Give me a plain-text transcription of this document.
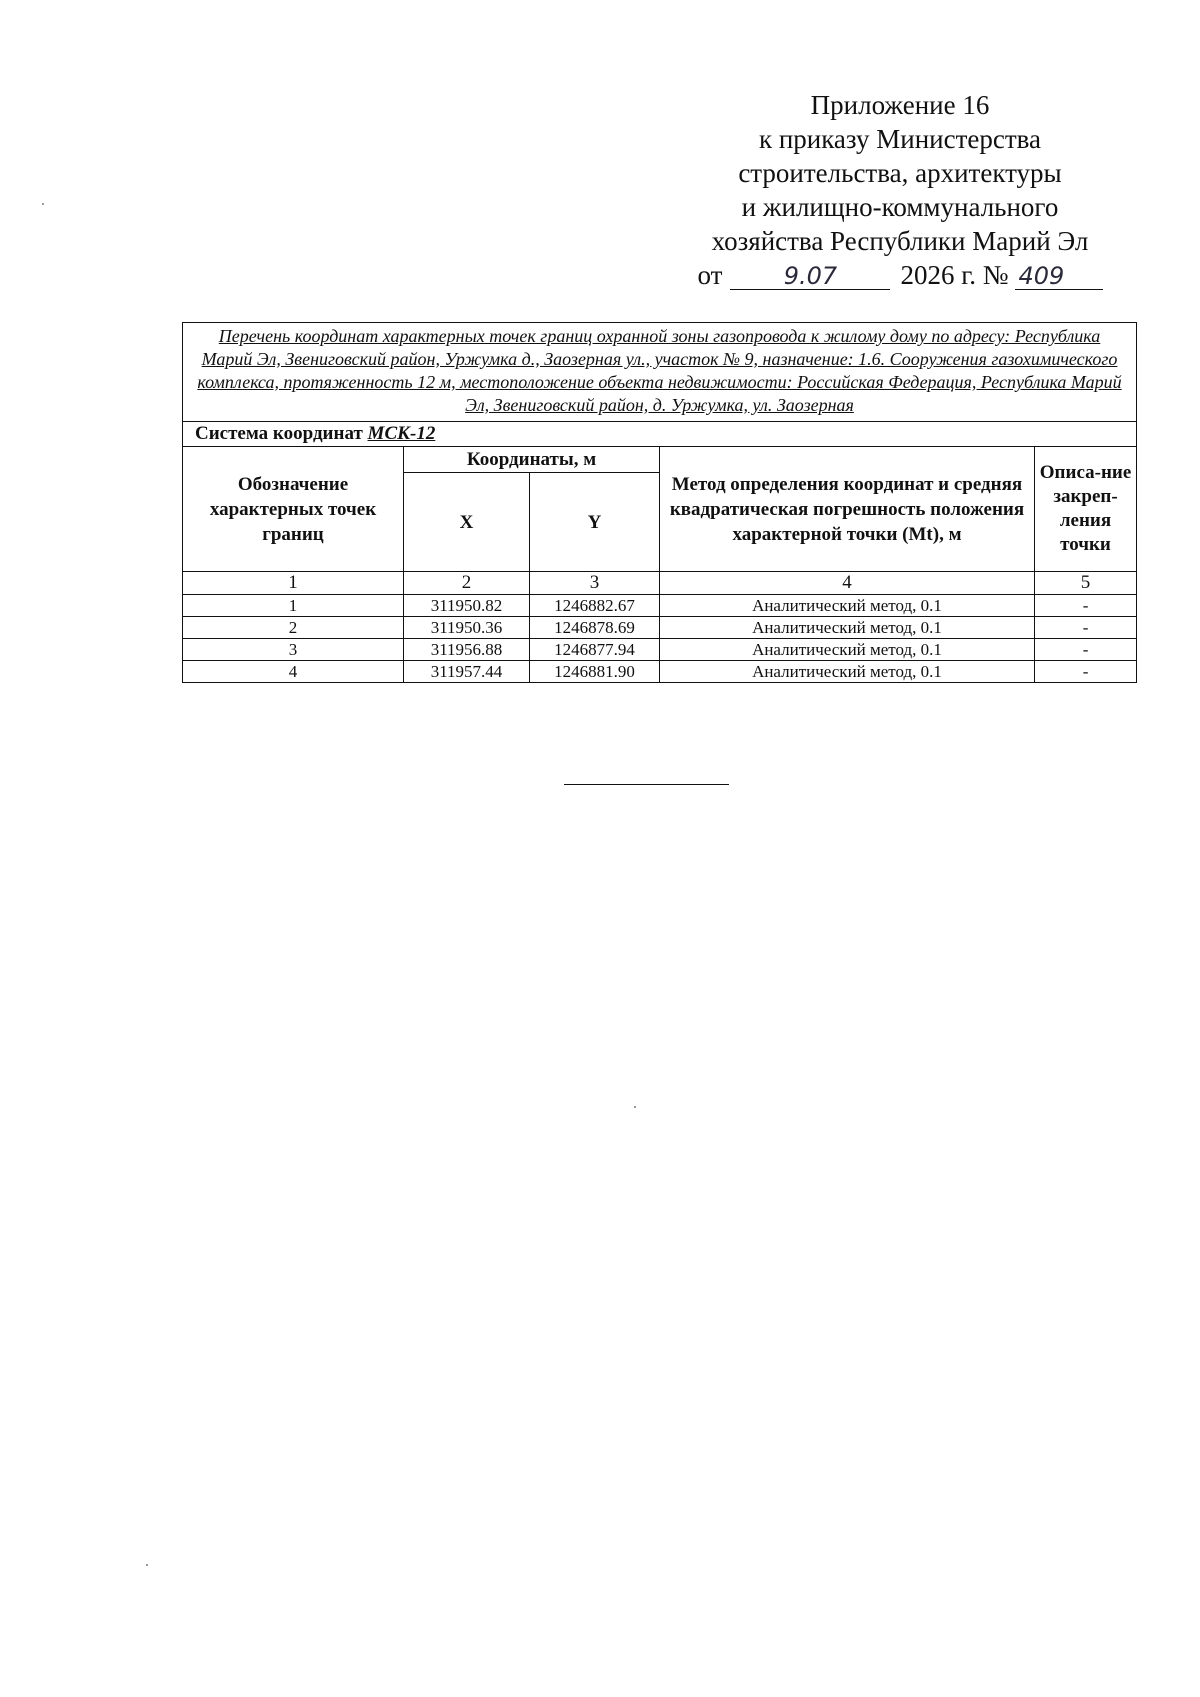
Приложение 16
к приказу Министерства
строительства, архитектуры
и жилищно-коммунального
хозяйства Республики Марий Эл
от	9.07 2026 г. № 409
Перечень координат характерных точек границ охранной зоны газопровода к жилому дому по адресу: Республика Марий Эл, Звениговский район, Уржумка д., Заозерная ул., участок № 9, назначение: 1.6. Сооружения газохимического комплекса, протяженность 12 м, местоположение объекта недвижимости: Российская Федерация, Республика Марий Эл, Звениговский район, д. Уржумка, ул. Заозерная				
Система координат МСК-12				
Обозначение характерных точек границ	Координаты, м		Метод определения координат и средняя квадратическая погрешность положения характерной точки (Mt), м	Описа-ние закреп-ления точки
	X	Y		
1	2	3	4	5
1	311950.82	1246882.67	Аналитический метод, 0.1	-
2	311950.36	1246878.69	Аналитический метод, 0.1	-
3	311956.88	1246877.94	Аналитический метод, 0.1	-
4	311957.44	1246881.90	Аналитический метод, 0.1	-
